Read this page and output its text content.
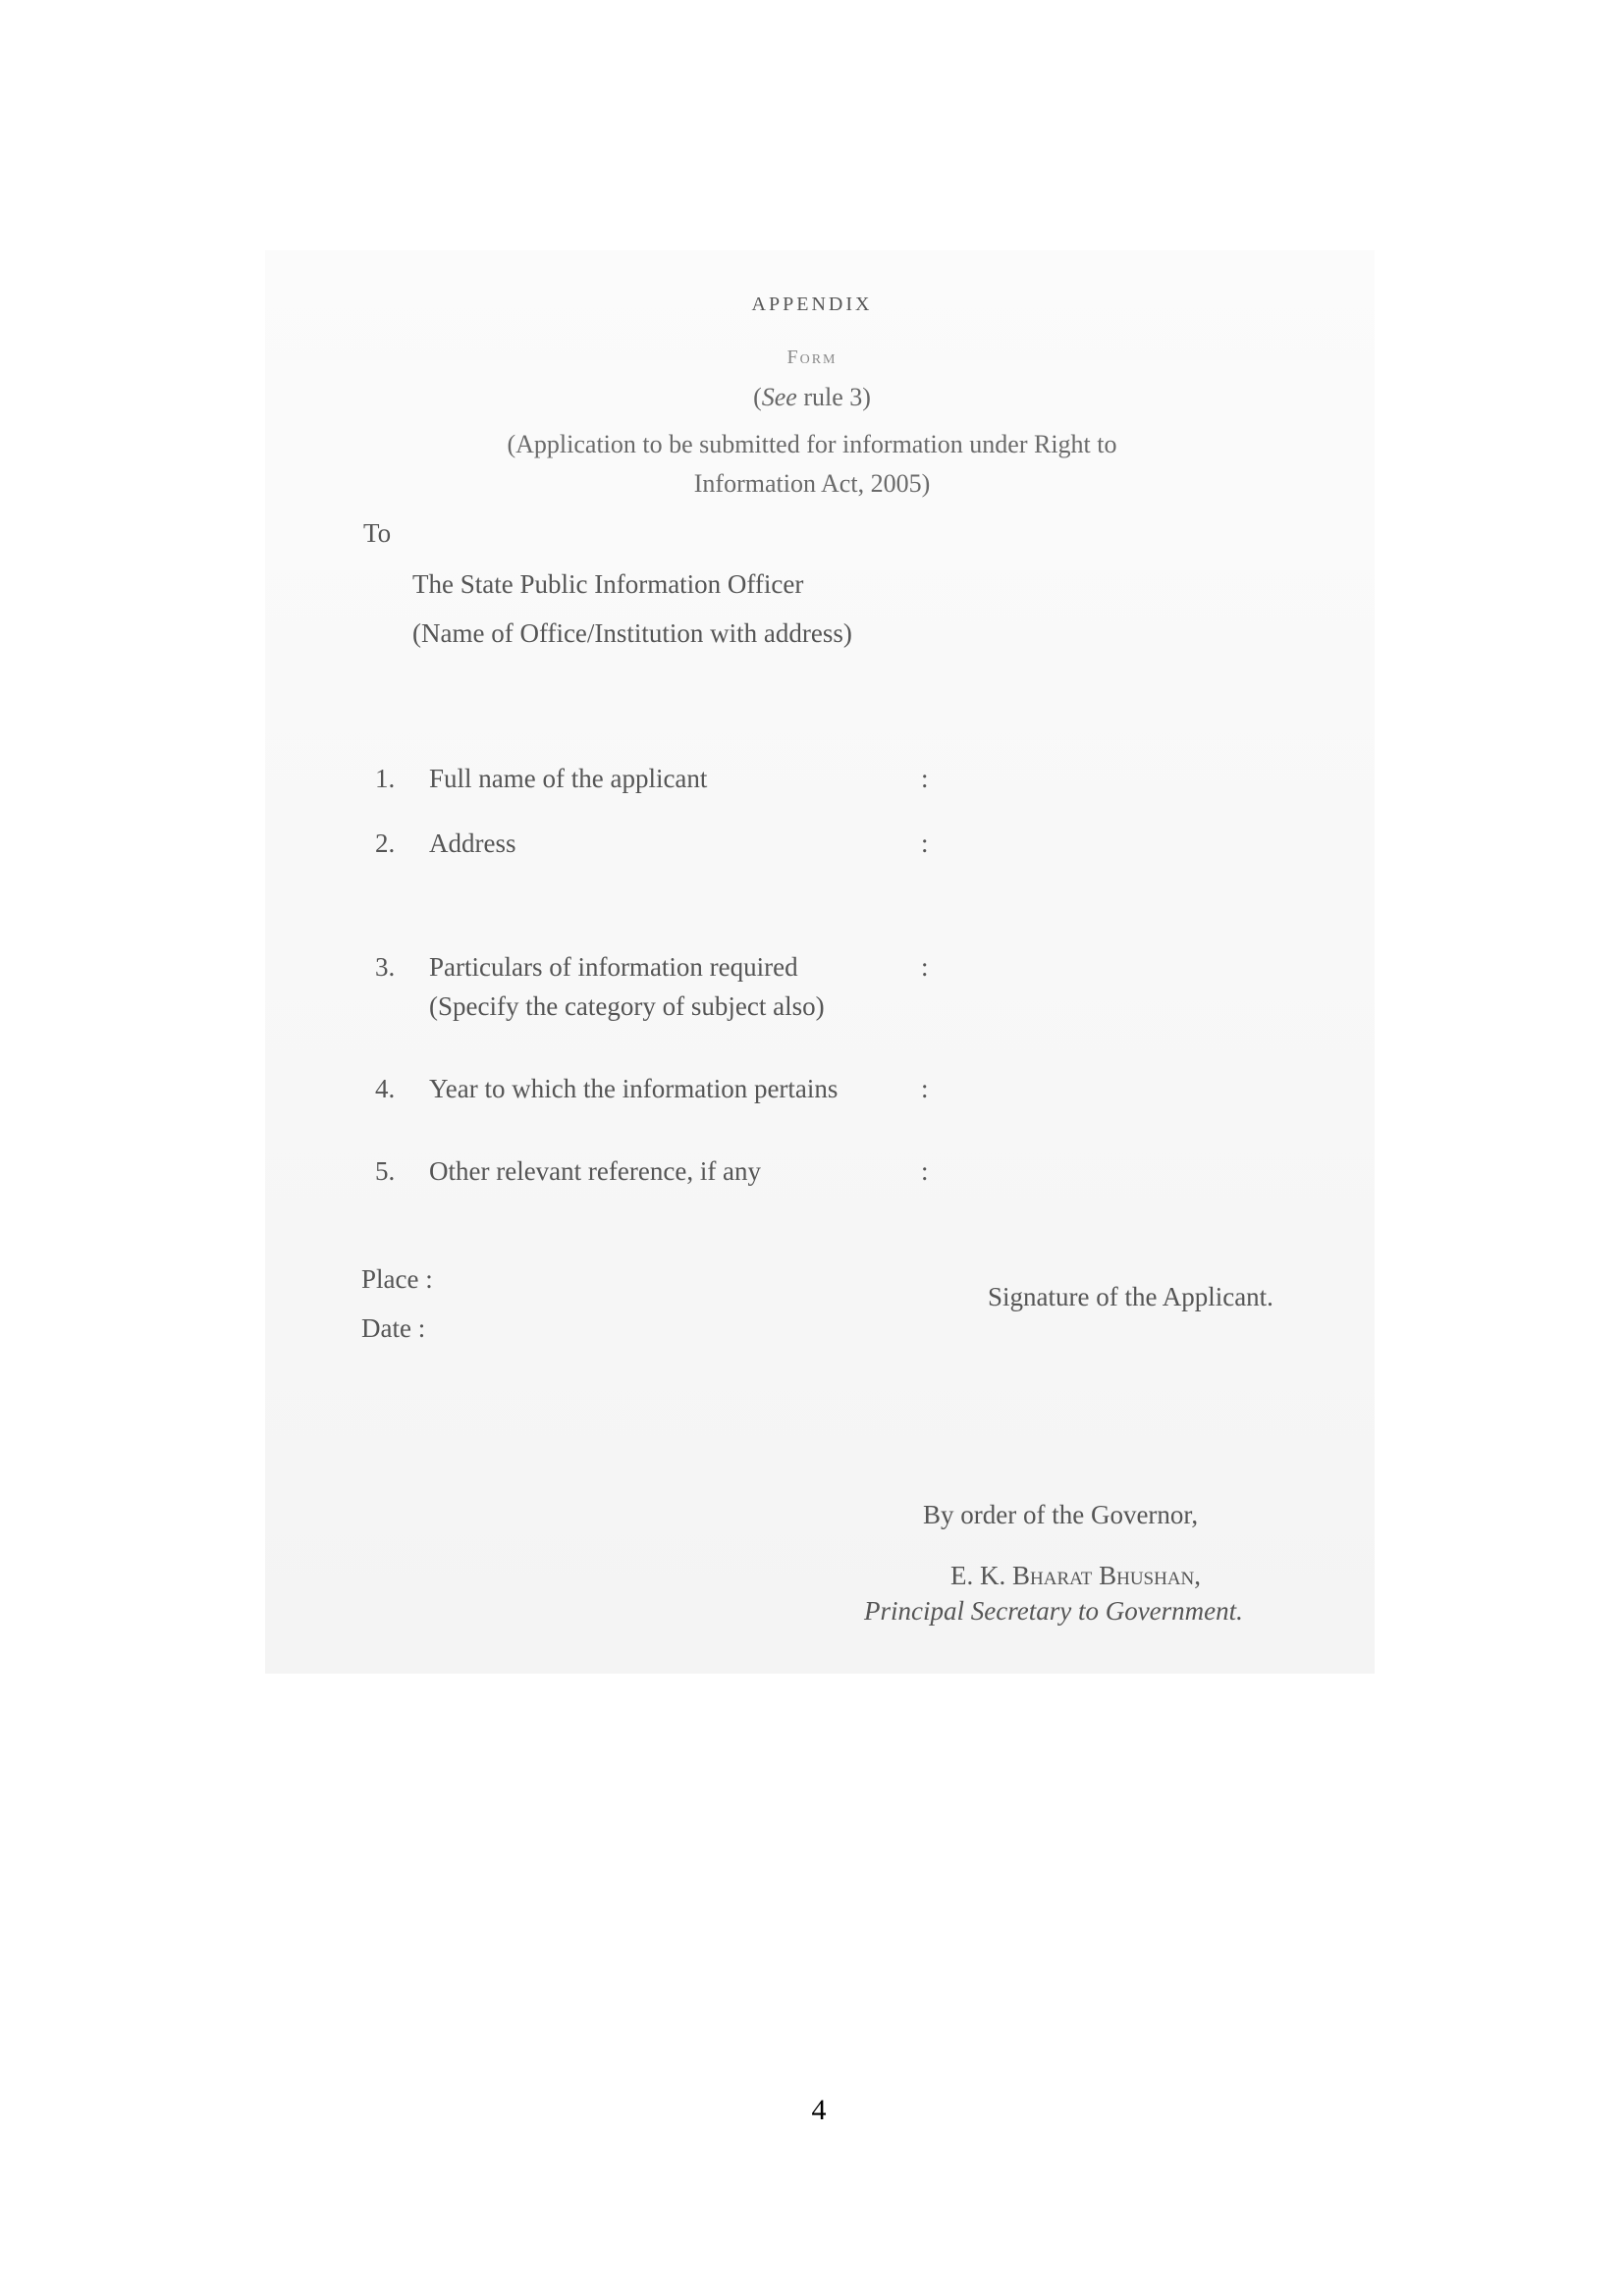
APPENDIX
Form
(See rule 3)
(Application to be submitted for information under Right to
Information Act, 2005)
To
The State Public Information Officer
(Name of Office/Institution with address)
1. Full name of the applicant	:
2. Address	:
3. Particulars of information required	:
(Specify the category of subject also)
4. Year to which the information pertains	:
5. Other relevant reference, if any	:
Place :
Date :
Signature of the Applicant.
By order of the Governor,
E. K. Bharat Bhushan,
Principal Secretary to Government.
4
